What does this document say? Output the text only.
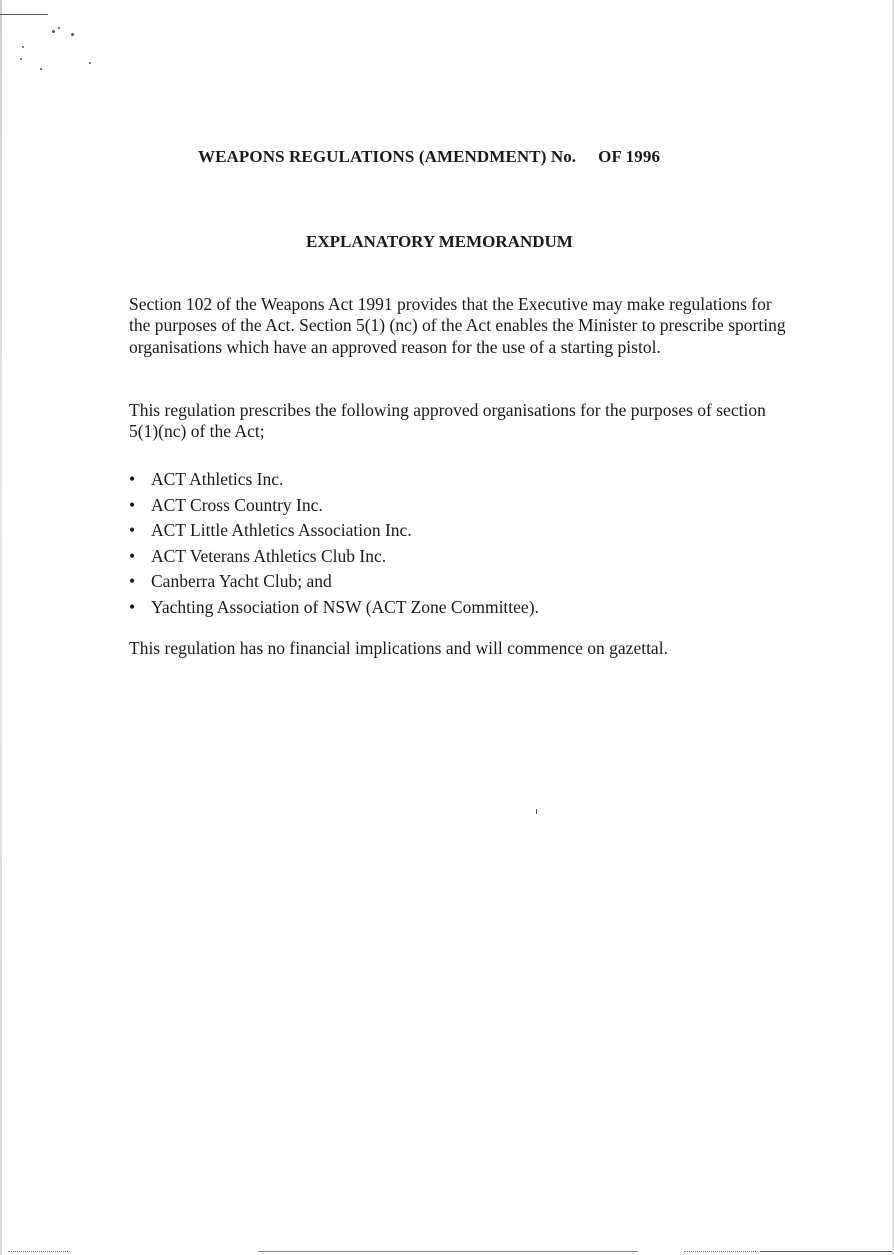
WEAPONS REGULATIONS (AMENDMENT) No. OF 1996
EXPLANATORY MEMORANDUM

Section 102 of the Weapons Act 1991 provides that the Executive may make regulations for the purposes of the Act. Section 5(1) (nc) of the Act enables the Minister to prescribe sporting organisations which have an approved reason for the use of a starting pistol.

This regulation prescribes the following approved organisations for the purposes of section 5(1)(nc) of the Act;

• ACT Athletics Inc.
• ACT Cross Country Inc.
• ACT Little Athletics Association Inc.
• ACT Veterans Athletics Club Inc.
• Canberra Yacht Club; and
• Yachting Association of NSW (ACT Zone Committee).

This regulation has no financial implications and will commence on gazettal.
